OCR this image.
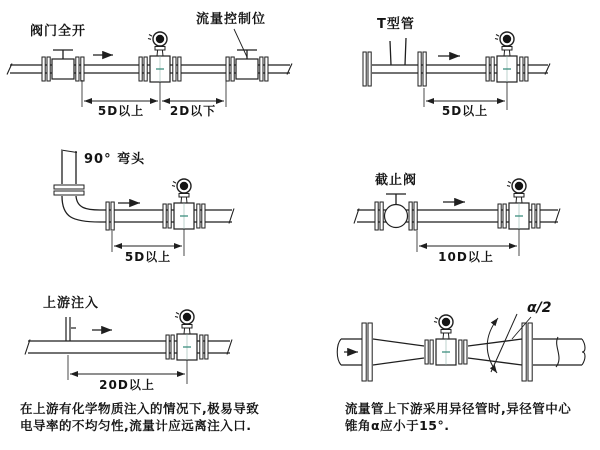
阀门全开
流量控制位
5D以上	2D以下
T型管
5D以上
90° 弯头
5D以上
截止阀
10D以上
上游注入
20D以上
在上游有化学物质注入的情况下,极易导致
电导率的不均匀性,流量计应远离注入口.
α/2
流量管上下游采用异径管时,异径管中心
锥角α应小于15°.
